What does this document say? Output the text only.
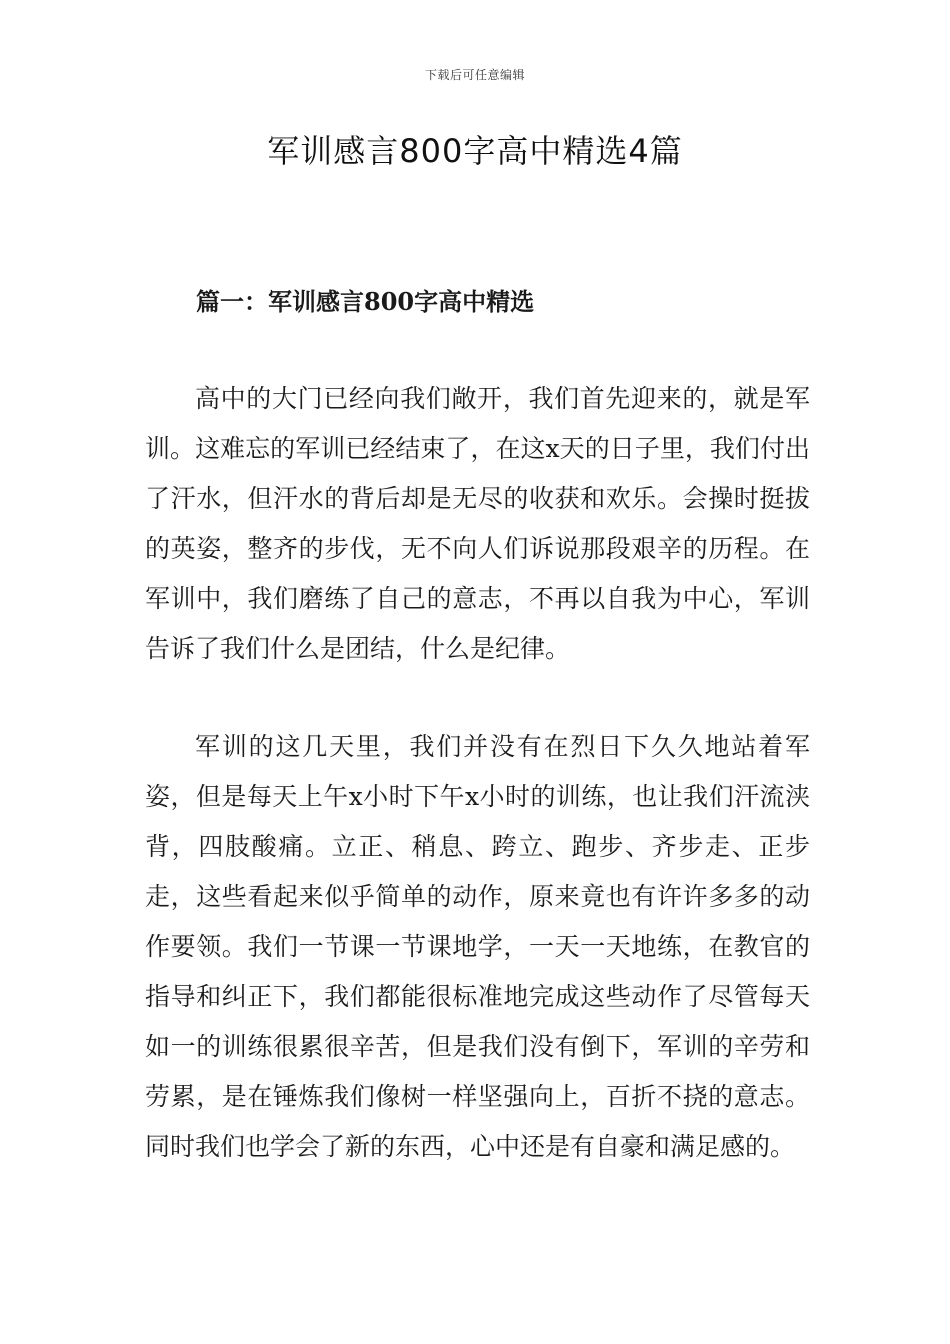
下载后可任意编辑
军训感言800字高中精选4篇
篇一：军训感言800字高中精选

高中的大门已经向我们敞开，我们首先迎来的，就是军训。这难忘的军训已经结束了，在这x天的日子里，我们付出了汗水，但汗水的背后却是无尽的收获和欢乐。会操时挺拔的英姿，整齐的步伐，无不向人们诉说那段艰辛的历程。在军训中，我们磨练了自己的意志，不再以自我为中心，军训告诉了我们什么是团结，什么是纪律。

军训的这几天里，我们并没有在烈日下久久地站着军姿，但是每天上午x小时下午x小时的训练，也让我们汗流浃背，四肢酸痛。立正、稍息、跨立、跑步、齐步走、正步走，这些看起来似乎简单的动作，原来竟也有许许多多的动作要领。我们一节课一节课地学，一天一天地练，在教官的指导和纠正下，我们都能很标准地完成这些动作了尽管每天如一的训练很累很辛苦，但是我们没有倒下，军训的辛劳和劳累，是在锤炼我们像树一样坚强向上，百折不挠的意志。同时我们也学会了新的东西，心中还是有自豪和满足感的。
